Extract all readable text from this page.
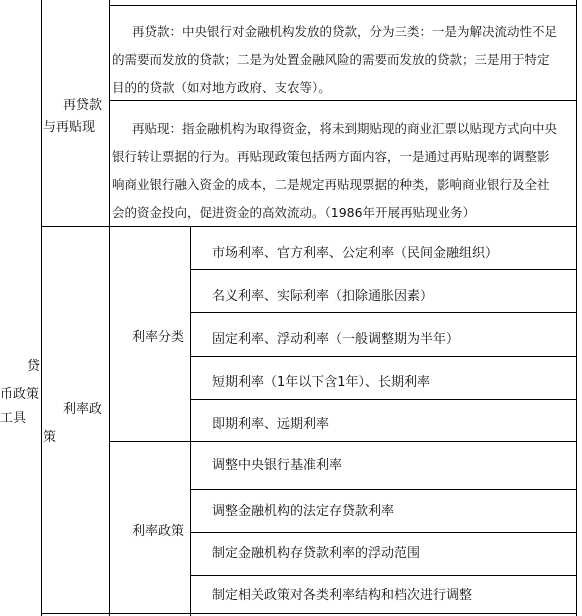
贷
币政策
工具
再贷款
与再贴现
再贷款：中央银行对金融机构发放的贷款，分为三类：一是为解决流动性不足
的需要而发放的贷款；二是为处置金融风险的需要而发放的贷款；三是用于特定
目的的贷款（如对地方政府、支农等）。
再贴现：指金融机构为取得资金，将未到期贴现的商业汇票以贴现方式向中央
银行转让票据的行为。再贴现政策包括两方面内容，一是通过再贴现率的调整影
响商业银行融入资金的成本，二是规定再贴现票据的种类，影响商业银行及全社
会的资金投向，促进资金的高效流动。（1986年开展再贴现业务）
利率政
策
利率分类
市场利率、官方利率、公定利率（民间金融组织）
名义利率、实际利率（扣除通胀因素）
固定利率、浮动利率（一般调整期为半年）
短期利率（1年以下含1年）、长期利率
即期利率、远期利率
利率政策
调整中央银行基准利率
调整金融机构的法定存贷款利率
制定金融机构存贷款利率的浮动范围
制定相关政策对各类利率结构和档次进行调整
